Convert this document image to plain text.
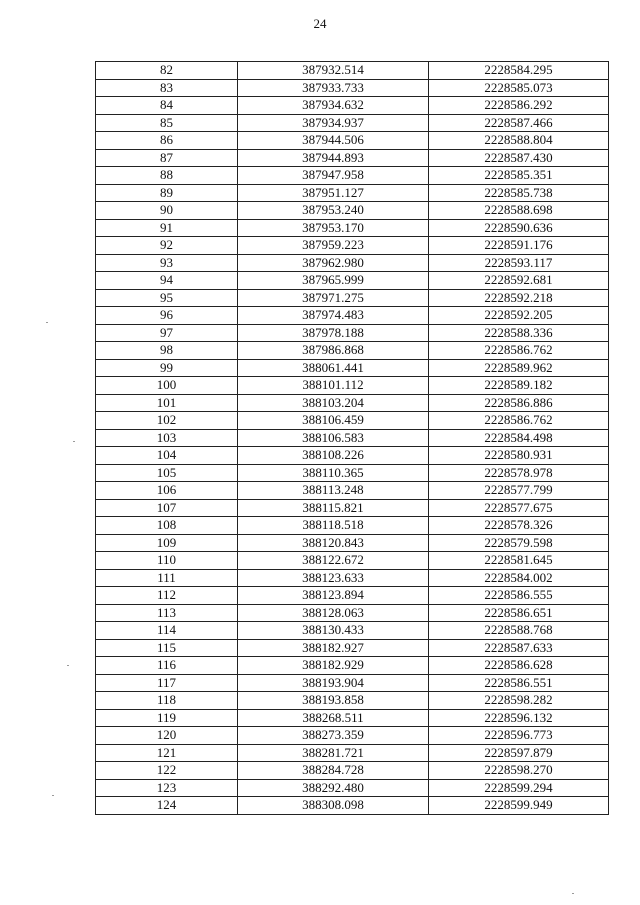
24
82	387932.514	2228584.295
83	387933.733	2228585.073
84	387934.632	2228586.292
85	387934.937	2228587.466
86	387944.506	2228588.804
87	387944.893	2228587.430
88	387947.958	2228585.351
89	387951.127	2228585.738
90	387953.240	2228588.698
91	387953.170	2228590.636
92	387959.223	2228591.176
93	387962.980	2228593.117
94	387965.999	2228592.681
95	387971.275	2228592.218
96	387974.483	2228592.205
97	387978.188	2228588.336
98	387986.868	2228586.762
99	388061.441	2228589.962
100	388101.112	2228589.182
101	388103.204	2228586.886
102	388106.459	2228586.762
103	388106.583	2228584.498
104	388108.226	2228580.931
105	388110.365	2228578.978
106	388113.248	2228577.799
107	388115.821	2228577.675
108	388118.518	2228578.326
109	388120.843	2228579.598
110	388122.672	2228581.645
111	388123.633	2228584.002
112	388123.894	2228586.555
113	388128.063	2228586.651
114	388130.433	2228588.768
115	388182.927	2228587.633
116	388182.929	2228586.628
117	388193.904	2228586.551
118	388193.858	2228598.282
119	388268.511	2228596.132
120	388273.359	2228596.773
121	388281.721	2228597.879
122	388284.728	2228598.270
123	388292.480	2228599.294
124	388308.098	2228599.949
